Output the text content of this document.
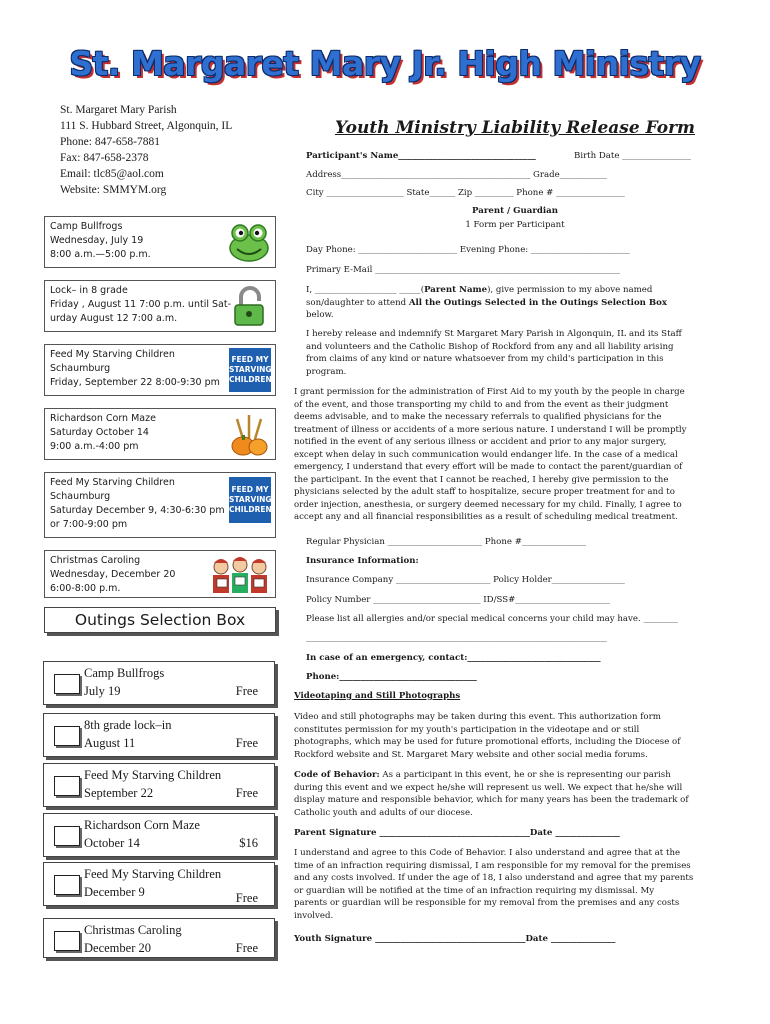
St. Margaret Mary Jr. High Ministry
St. Margaret Mary Parish
111 S. Hubbard Street, Algonquin, IL
Phone: 847-658-7881
Fax: 847-658-2378
Email: tlc85@aol.com
Website: SMMYM.org
Camp Bullfrogs
Wednesday, July 19
8:00 a.m.—5:00 p.m.
Lock– in 8 grade
Friday , August 11 7:00 p.m. until Sat-
urday August 12 7:00 a.m.
Feed My Starving Children
Schaumburg
Friday, September 22 8:00-9:30 pm
FEED MY
STARVING
CHILDREN
Richardson Corn Maze
Saturday October 14
9:00 a.m.-4:00 pm
Feed My Starving Children
Schaumburg
Saturday December 9, 4:30-6:30 pm
or 7:00-9:00 pm
FEED MY
STARVING
CHILDREN
Christmas Caroling
Wednesday, December 20
6:00-8:00 p.m.
Outings Selection Box
Camp Bullfrogs
July 19	Free
8th grade lock–in
August 11	Free
Feed My Starving Children
September 22	Free
Richardson Corn Maze
October 14	$16
Feed My Starving Children
December 9	Free
Christmas Caroling
December 20	Free
Youth Ministry Liability Release Form
Participant's Name________________________________	Birth Date ________________
Address____________________________________________ Grade___________
City __________________ State______ Zip _________ Phone # ________________
Parent / Guardian
1 Form per Participant
Day Phone: _______________________ Evening Phone: _______________________
Primary E-Mail _________________________________________________________
I, ___________________ _____(Parent Name), give permission to my above named
son/daughter to attend All the Outings Selected in the Outings Selection Box
below.
I hereby release and indemnify St Margaret Mary Parish in Algonquin, IL and its Staff
and volunteers and the Catholic Bishop of Rockford from any and all liability arising
from claims of any kind or nature whatsoever from my child's participation in this
program.
I grant permission for the administration of First Aid to my youth by the people in charge
of the event, and those transporting my child to and from the event as their judgment
deems advisable, and to make the necessary referrals to qualified physicians for the
treatment of illness or accidents of a more serious nature. I understand I will be promptly
notified in the event of any serious illness or accident and prior to any major surgery,
except when delay in such communication would endanger life. In the case of a medical
emergency, I understand that every effort will be made to contact the parent/guardian of
the participant. In the event that I cannot be reached, I hereby give permission to the
physicians selected by the adult staff to hospitalize, secure proper treatment for and to
order injection, anesthesia, or surgery deemed necessary for my child. Finally, I agree to
accept any and all financial responsibilities as a result of scheduling medical treatment.
Regular Physician ______________________ Phone #_______________
Insurance Information:
Insurance Company ______________________ Policy Holder_________________
Policy Number _________________________ ID/SS#______________________
Please list all allergies and/or special medical concerns your child may have. ________
______________________________________________________________________
In case of an emergency, contact:_______________________________
Phone:________________________________
Videotaping and Still Photographs
Video and still photographs may be taken during this event. This authorization form
constitutes permission for my youth's participation in the videotape and or still
photographs, which may be used for future promotional efforts, including the Diocese of
Rockford website and St. Margaret Mary website and other social media forums.
Code of Behavior: As a participant in this event, he or she is representing our parish
during this event and we expect he/she will represent us well. We expect that he/she will
display mature and responsible behavior, which for many years has been the trademark of
Catholic youth and adults of our diocese.
Parent Signature ___________________________________Date _______________
I understand and agree to this Code of Behavior. I also understand and agree that at the
time of an infraction requiring dismissal, I am responsible for my removal for the premises
and any costs involved. If under the age of 18, I also understand and agree that my parents
or guardian will be notified at the time of an infraction requiring my dismissal. My
parents or guardian will be responsible for my removal from the premises and any costs
involved.
Youth Signature ___________________________________Date _______________
